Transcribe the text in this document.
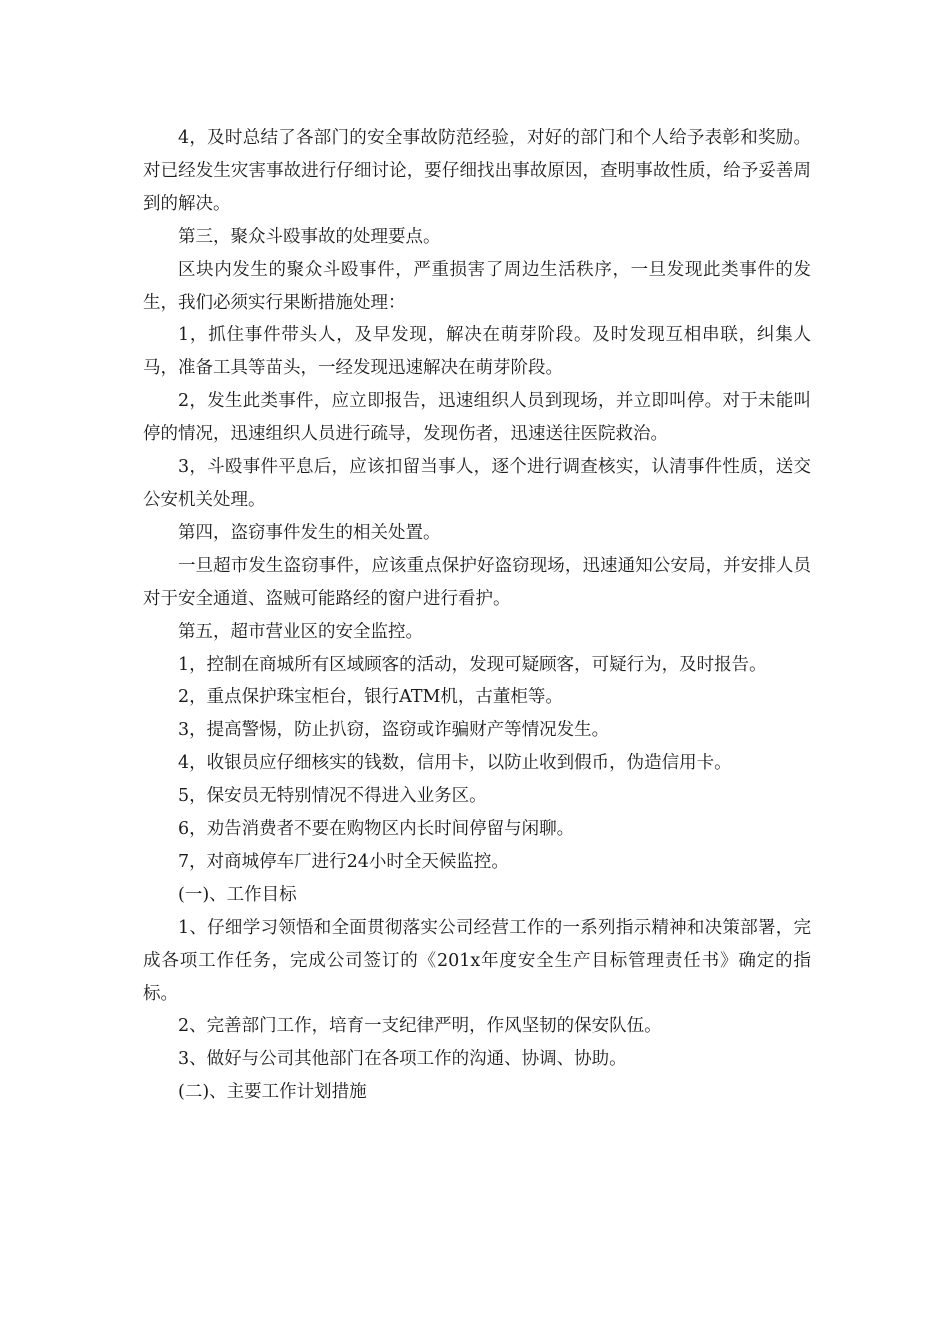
4，及时总结了各部门的安全事故防范经验，对好的部门和个人给予表彰和奖励。对已经发生灾害事故进行仔细讨论，要仔细找出事故原因，查明事故性质，给予妥善周到的解决。

第三，聚众斗殴事故的处理要点。

区块内发生的聚众斗殴事件，严重损害了周边生活秩序，一旦发现此类事件的发生，我们必须实行果断措施处理：

1，抓住事件带头人，及早发现，解决在萌芽阶段。及时发现互相串联，纠集人马，准备工具等苗头，一经发现迅速解决在萌芽阶段。

2，发生此类事件，应立即报告，迅速组织人员到现场，并立即叫停。对于未能叫停的情况，迅速组织人员进行疏导，发现伤者，迅速送往医院救治。

3，斗殴事件平息后，应该扣留当事人，逐个进行调查核实，认清事件性质，送交公安机关处理。

第四，盗窃事件发生的相关处置。

一旦超市发生盗窃事件，应该重点保护好盗窃现场，迅速通知公安局，并安排人员对于安全通道、盗贼可能路经的窗户进行看护。

第五，超市营业区的安全监控。

1，控制在商城所有区域顾客的活动，发现可疑顾客，可疑行为，及时报告。

2，重点保护珠宝柜台，银行ATM机，古董柜等。

3，提高警惕，防止扒窃，盗窃或诈骗财产等情况发生。

4，收银员应仔细核实的钱数，信用卡，以防止收到假币，伪造信用卡。

5，保安员无特别情况不得进入业务区。

6，劝告消费者不要在购物区内长时间停留与闲聊。

7，对商城停车厂进行24小时全天候监控。

(一)、工作目标

1、仔细学习领悟和全面贯彻落实公司经营工作的一系列指示精神和决策部署，完成各项工作任务，完成公司签订的《201x年度安全生产目标管理责任书》确定的指标。

2、完善部门工作，培育一支纪律严明，作风坚韧的保安队伍。

3、做好与公司其他部门在各项工作的沟通、协调、协助。

(二)、主要工作计划措施
